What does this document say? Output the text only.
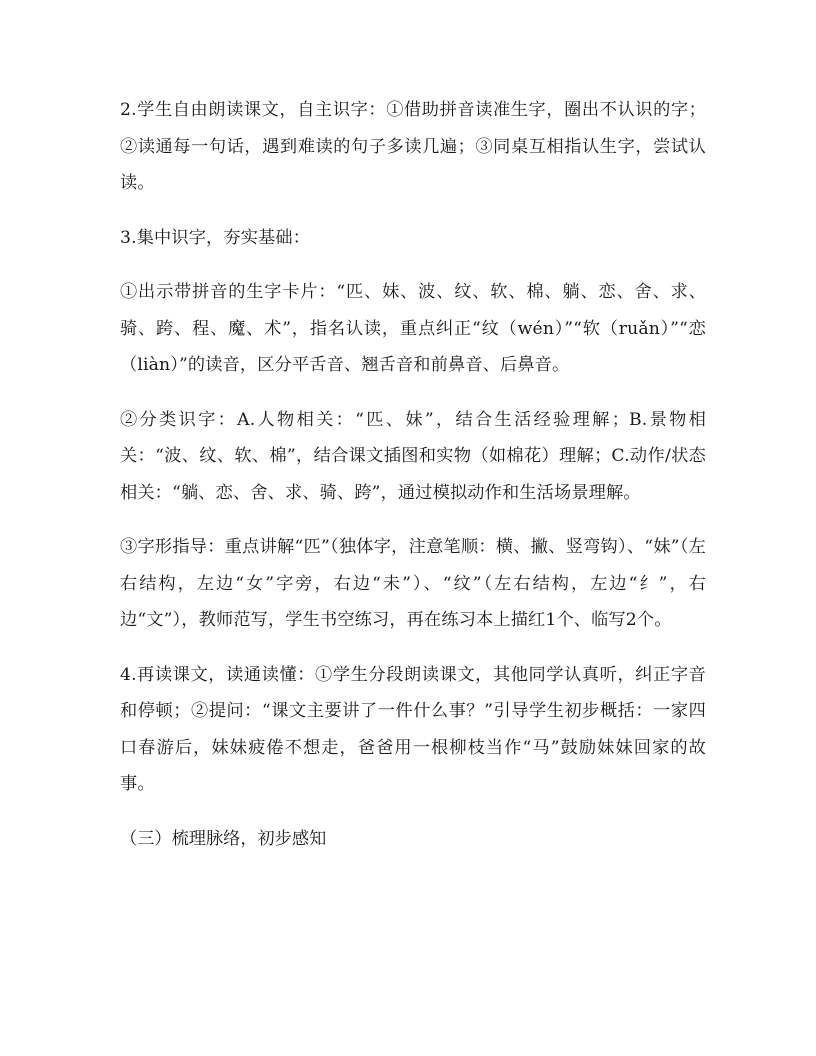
2.学生自由朗读课文，自主识字：①借助拼音读准生字，圈出不认识的字；②读通每一句话，遇到难读的句子多读几遍；③同桌互相指认生字，尝试认读。

3.集中识字，夯实基础：

①出示带拼音的生字卡片：“匹、妹、波、纹、软、棉、躺、恋、舍、求、骑、跨、程、魔、术”，指名认读，重点纠正“纹（wén）”“软（ruǎn）”“恋（liàn）”的读音，区分平舌音、翘舌音和前鼻音、后鼻音。

②分类识字：A.人物相关：“匹、妹”，结合生活经验理解；B.景物相关：“波、纹、软、棉”，结合课文插图和实物（如棉花）理解；C.动作/状态相关：“躺、恋、舍、求、骑、跨”，通过模拟动作和生活场景理解。

③字形指导：重点讲解“匹”（独体字，注意笔顺：横、撇、竖弯钩）、“妹”（左右结构，左边“女”字旁，右边“未”）、“纹”（左右结构，左边“纟”，右边“文”），教师范写，学生书空练习，再在练习本上描红1个、临写2个。

4.再读课文，读通读懂：①学生分段朗读课文，其他同学认真听，纠正字音和停顿；②提问：“课文主要讲了一件什么事？”引导学生初步概括：一家四口春游后，妹妹疲倦不想走，爸爸用一根柳枝当作“马”鼓励妹妹回家的故事。

（三）梳理脉络，初步感知
